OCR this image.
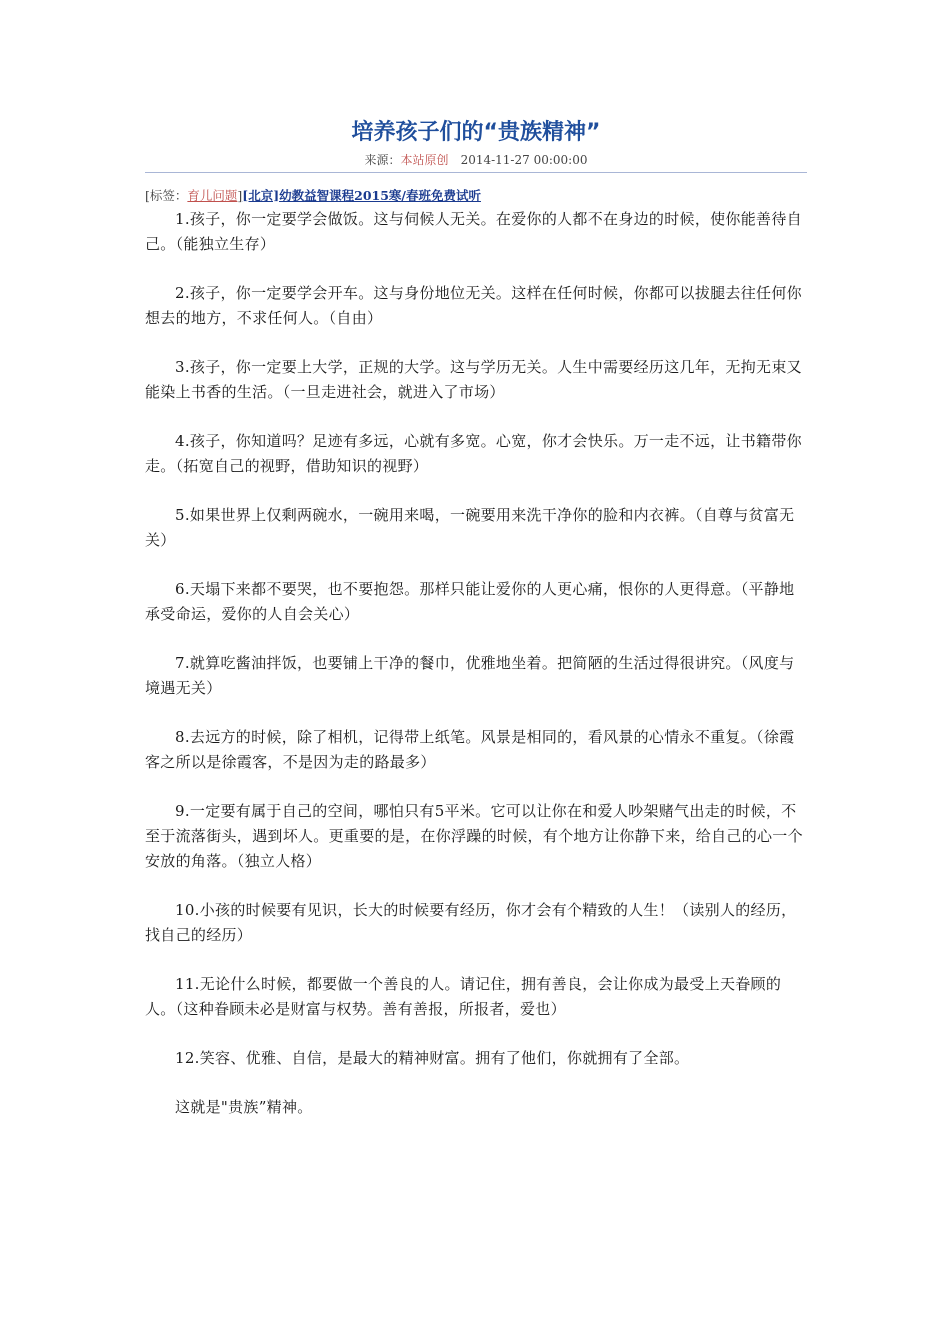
培养孩子们的“贵族精神”
来源：本站原创 2014-11-27 00:00:00
[标签：育儿问题][北京]幼教益智课程2015寒/春班免费试听

1.孩子，你一定要学会做饭。这与伺候人无关。在爱你的人都不在身边的时候，使你能善待自己。（能独立生存）

2.孩子，你一定要学会开车。这与身份地位无关。这样在任何时候，你都可以拔腿去往任何你想去的地方，不求任何人。（自由）

3.孩子，你一定要上大学，正规的大学。这与学历无关。人生中需要经历这几年，无拘无束又能染上书香的生活。（一旦走进社会，就进入了市场）

4.孩子，你知道吗？足迹有多远，心就有多宽。心宽，你才会快乐。万一走不远，让书籍带你走。（拓宽自己的视野，借助知识的视野）

5.如果世界上仅剩两碗水，一碗用来喝，一碗要用来洗干净你的脸和内衣裤。（自尊与贫富无关）

6.天塌下来都不要哭，也不要抱怨。那样只能让爱你的人更心痛，恨你的人更得意。（平静地承受命运，爱你的人自会关心）

7.就算吃酱油拌饭，也要铺上干净的餐巾，优雅地坐着。把简陋的生活过得很讲究。（风度与境遇无关）

8.去远方的时候，除了相机，记得带上纸笔。风景是相同的，看风景的心情永不重复。（徐霞客之所以是徐霞客，不是因为走的路最多）

9.一定要有属于自己的空间，哪怕只有5平米。它可以让你在和爱人吵架赌气出走的时候，不至于流落街头，遇到坏人。更重要的是，在你浮躁的时候，有个地方让你静下来，给自己的心一个安放的角落。（独立人格）

10.小孩的时候要有见识，长大的时候要有经历，你才会有个精致的人生！（读别人的经历，找自己的经历）

11.无论什么时候，都要做一个善良的人。请记住，拥有善良，会让你成为最受上天眷顾的人。（这种眷顾未必是财富与权势。善有善报，所报者，爱也）

12.笑容、优雅、自信，是最大的精神财富。拥有了他们，你就拥有了全部。

这就是"贵族”精神。
